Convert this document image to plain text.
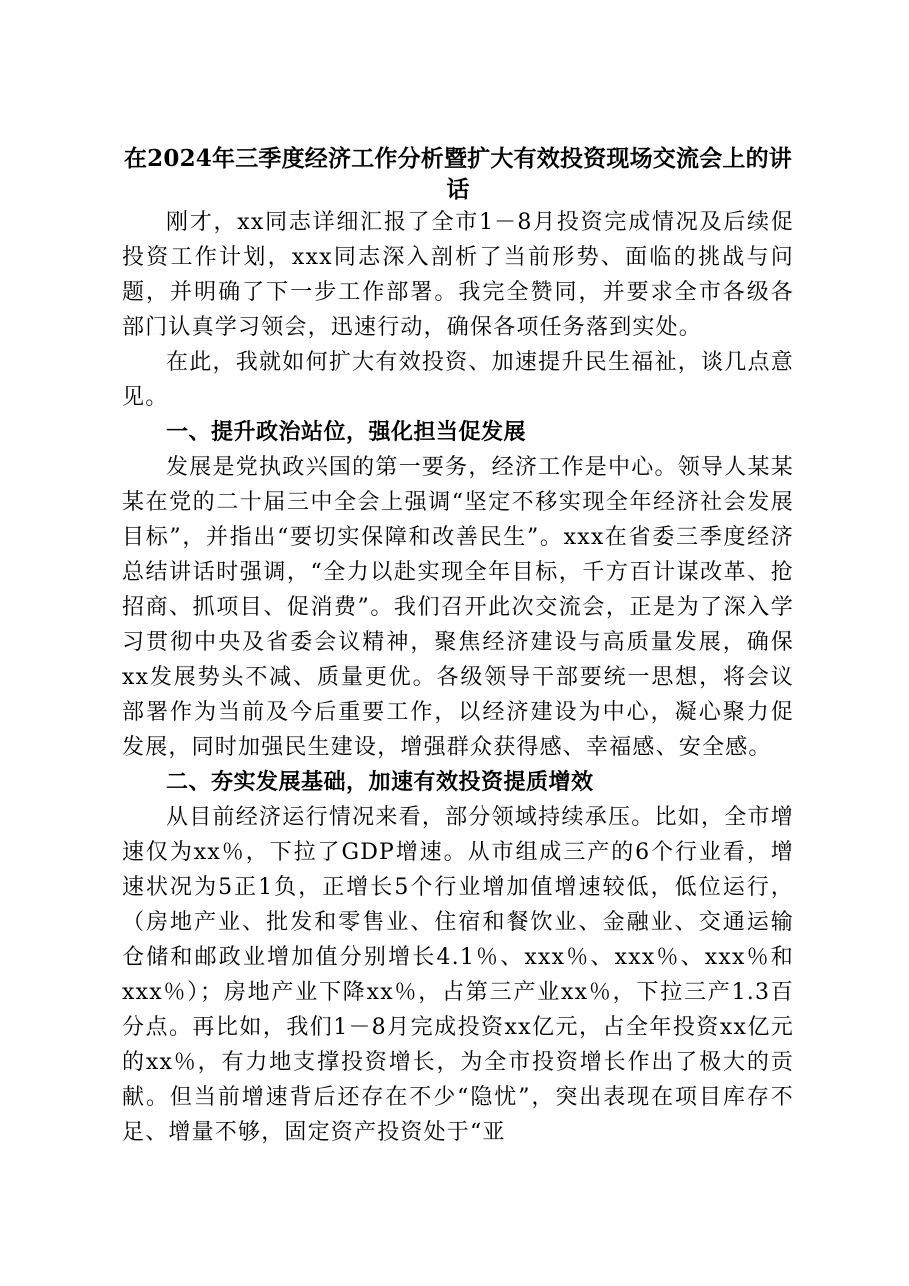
在2024年三季度经济工作分析暨扩大有效投资现场交流会上的讲话

刚才，xx同志详细汇报了全市1－8月投资完成情况及后续促投资工作计划，xxx同志深入剖析了当前形势、面临的挑战与问题，并明确了下一步工作部署。我完全赞同，并要求全市各级各部门认真学习领会，迅速行动，确保各项任务落到实处。

在此，我就如何扩大有效投资、加速提升民生福祉，谈几点意见。

一、提升政治站位，强化担当促发展

发展是党执政兴国的第一要务，经济工作是中心。领导人某某某在党的二十届三中全会上强调“坚定不移实现全年经济社会发展目标”，并指出“要切实保障和改善民生”。xxx在省委三季度经济总结讲话时强调，“全力以赴实现全年目标，千方百计谋改革、抢招商、抓项目、促消费”。我们召开此次交流会，正是为了深入学习贯彻中央及省委会议精神，聚焦经济建设与高质量发展，确保xx发展势头不减、质量更优。各级领导干部要统一思想，将会议部署作为当前及今后重要工作，以经济建设为中心，凝心聚力促发展，同时加强民生建设，增强群众获得感、幸福感、安全感。

二、夯实发展基础，加速有效投资提质增效

从目前经济运行情况来看，部分领域持续承压。比如，全市增速仅为xx％，下拉了GDP增速。从市组成三产的6个行业看，增速状况为5正1负，正增长5个行业增加值增速较低，低位运行，（房地产业、批发和零售业、住宿和餐饮业、金融业、交通运输仓储和邮政业增加值分别增长4.1％、xxx％、xxx％、xxx％和xxx％）；房地产业下降xx％，占第三产业xx％，下拉三产1.3百分点。再比如，我们1－8月完成投资xx亿元，占全年投资xx亿元的xx％，有力地支撑投资增长，为全市投资增长作出了极大的贡献。但当前增速背后还存在不少“隐忧”，突出表现在项目库存不足、增量不够，固定资产投资处于“亚
